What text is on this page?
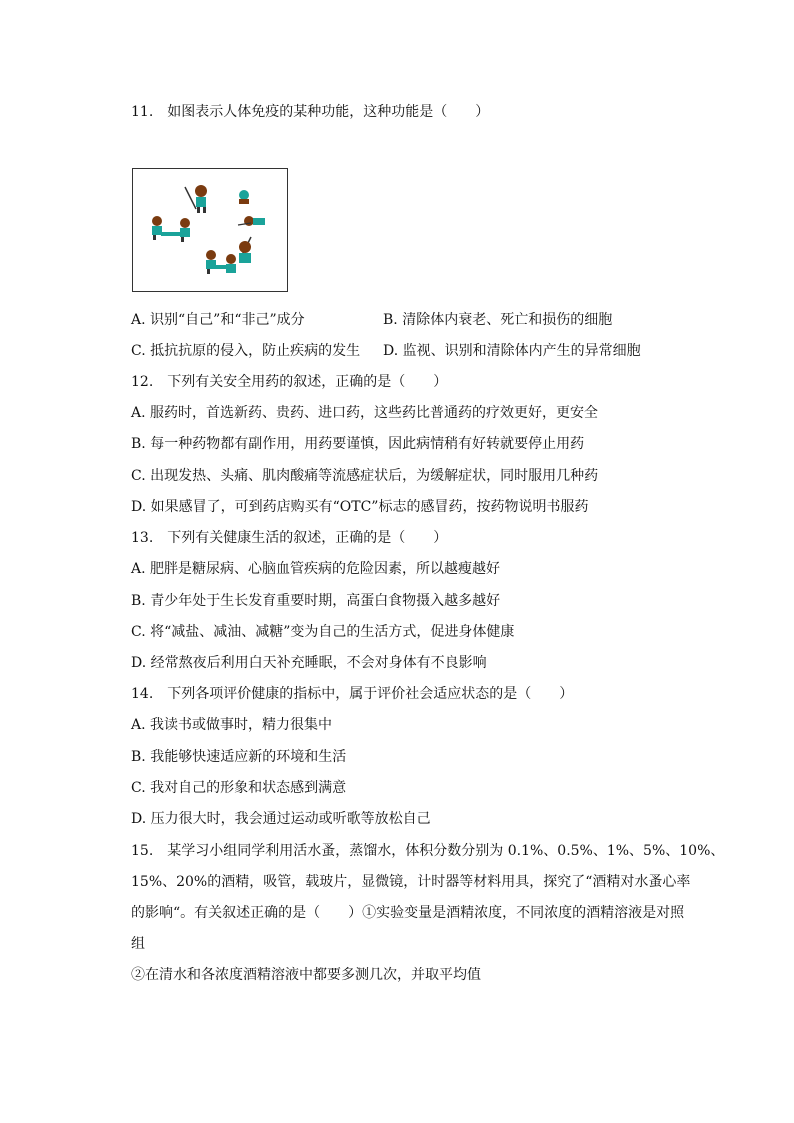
11. 如图表示人体免疫的某种功能，这种功能是（　　）
A. 识别“自己”和“非己”成分	B. 清除体内衰老、死亡和损伤的细胞
C. 抵抗抗原的侵入，防止疾病的发生 D. 监视、识别和清除体内产生的异常细胞
12. 下列有关安全用药的叙述，正确的是（　　）
A. 服药时，首选新药、贵药、进口药，这些药比普通药的疗效更好，更安全
B. 每一种药物都有副作用，用药要谨慎，因此病情稍有好转就要停止用药
C. 出现发热、头痛、肌肉酸痛等流感症状后，为缓解症状，同时服用几种药
D. 如果感冒了，可到药店购买有“OTC”标志的感冒药，按药物说明书服药
13. 下列有关健康生活的叙述，正确的是（　　）
A. 肥胖是糖尿病、心脑血管疾病的危险因素，所以越瘦越好
B. 青少年处于生长发育重要时期，高蛋白食物摄入越多越好
C. 将“减盐、减油、减糖”变为自己的生活方式，促进身体健康
D. 经常熬夜后利用白天补充睡眠，不会对身体有不良影响
14. 下列各项评价健康的指标中，属于评价社会适应状态的是（　　）
A. 我读书或做事时，精力很集中
B. 我能够快速适应新的环境和生活
C. 我对自己的形象和状态感到满意
D. 压力很大时，我会通过运动或听歌等放松自己
15. 某学习小组同学利用活水蚤，蒸馏水，体积分数分别为 0.1%、0.5%、1%、5%、10%、
15%、20%的酒精，吸管，载玻片，显微镜，计时器等材料用具，探究了“酒精对水蚤心率
的影响“。有关叙述正确的是（　　）①实验变量是酒精浓度，不同浓度的酒精溶液是对照
组
②在清水和各浓度酒精溶液中都要多测几次，并取平均值
